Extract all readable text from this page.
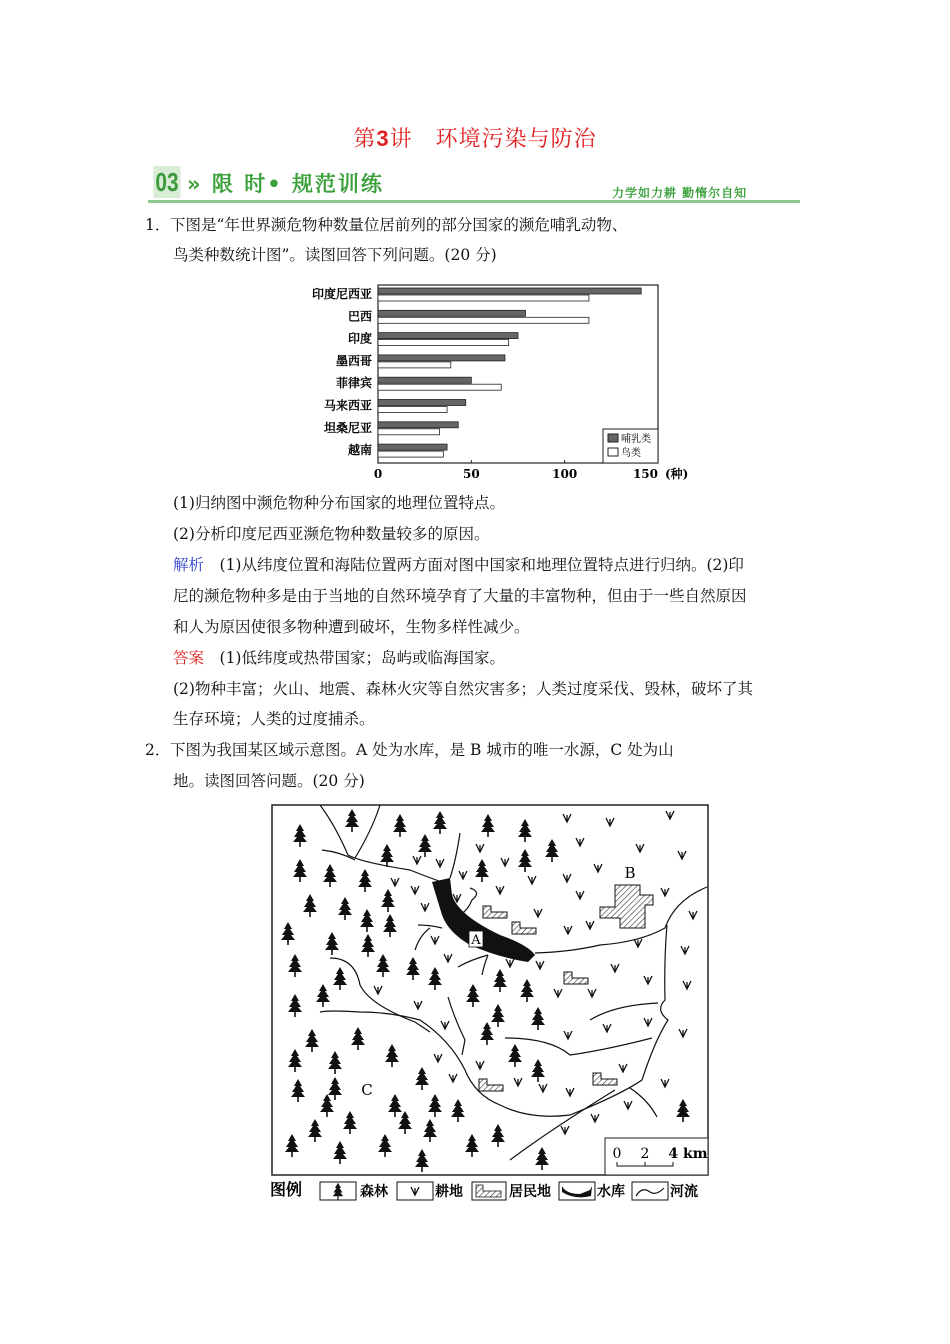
第3讲　环境污染与防治
03 » 限 时• 规范训练	力学如力耕 勤惰尔自知
1． 下图是“年世界濒危物种数量位居前列的部分国家的濒危哺乳动物、
鸟类种数统计图”。读图回答下列问题。(20 分)
印度尼西亚
巴西
印度
墨西哥
菲律宾
马来西亚
坦桑尼亚
越南
0	50	100	150 (种)
哺乳类
鸟类
(1)归纳图中濒危物种分布国家的地理位置特点。
(2)分析印度尼西亚濒危物种数量较多的原因。
解析　(1)从纬度位置和海陆位置两方面对图中国家和地理位置特点进行归纳。(2)印
尼的濒危物种多是由于当地的自然环境孕育了大量的丰富物种，但由于一些自然原因
和人为原因使很多物种遭到破坏，生物多样性减少。
答案　(1)低纬度或热带国家；岛屿或临海国家。
(2)物种丰富；火山、地震、森林火灾等自然灾害多；人类过度采伐、毁林，破坏了其
生存环境；人类的过度捕杀。
2． 下图为我国某区域示意图。A 处为水库，是 B 城市的唯一水源，C 处为山
地。读图回答问题。(20 分)
A
B
C
0 2 4 km
图例	森林	耕地	居民地	水库	河流
